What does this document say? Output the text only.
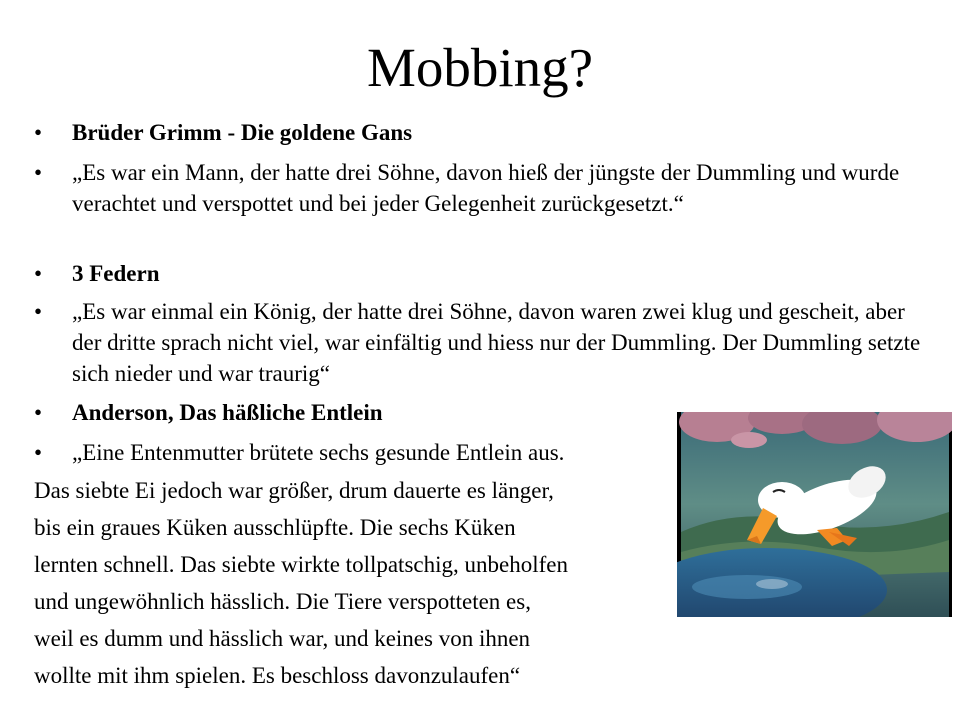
Mobbing?
•	Brüder Grimm - Die goldene Gans
•	„Es war ein Mann, der hatte drei Söhne, davon hieß der jüngste der Dummling und wurde verachtet und verspottet und bei jeder Gelegenheit zurückgesetzt.“
•	3 Federn
•	„Es war einmal ein König, der hatte drei Söhne, davon waren zwei klug und gescheit, aber der dritte sprach nicht viel, war einfältig und hiess nur der Dummling. Der Dummling setzte sich nieder und war traurig“
•	Anderson, Das häßliche Entlein
•	„Eine Entenmutter brütete sechs gesunde Entlein aus.
Das siebte Ei jedoch war größer, drum dauerte es länger,
bis ein graues Küken ausschlüpfte. Die sechs Küken
lernten schnell. Das siebte wirkte tollpatschig, unbeholfen
und ungewöhnlich hässlich. Die Tiere verspotteten es,
weil es dumm und hässlich war, und keines von ihnen
wollte mit ihm spielen. Es beschloss davonzulaufen“
